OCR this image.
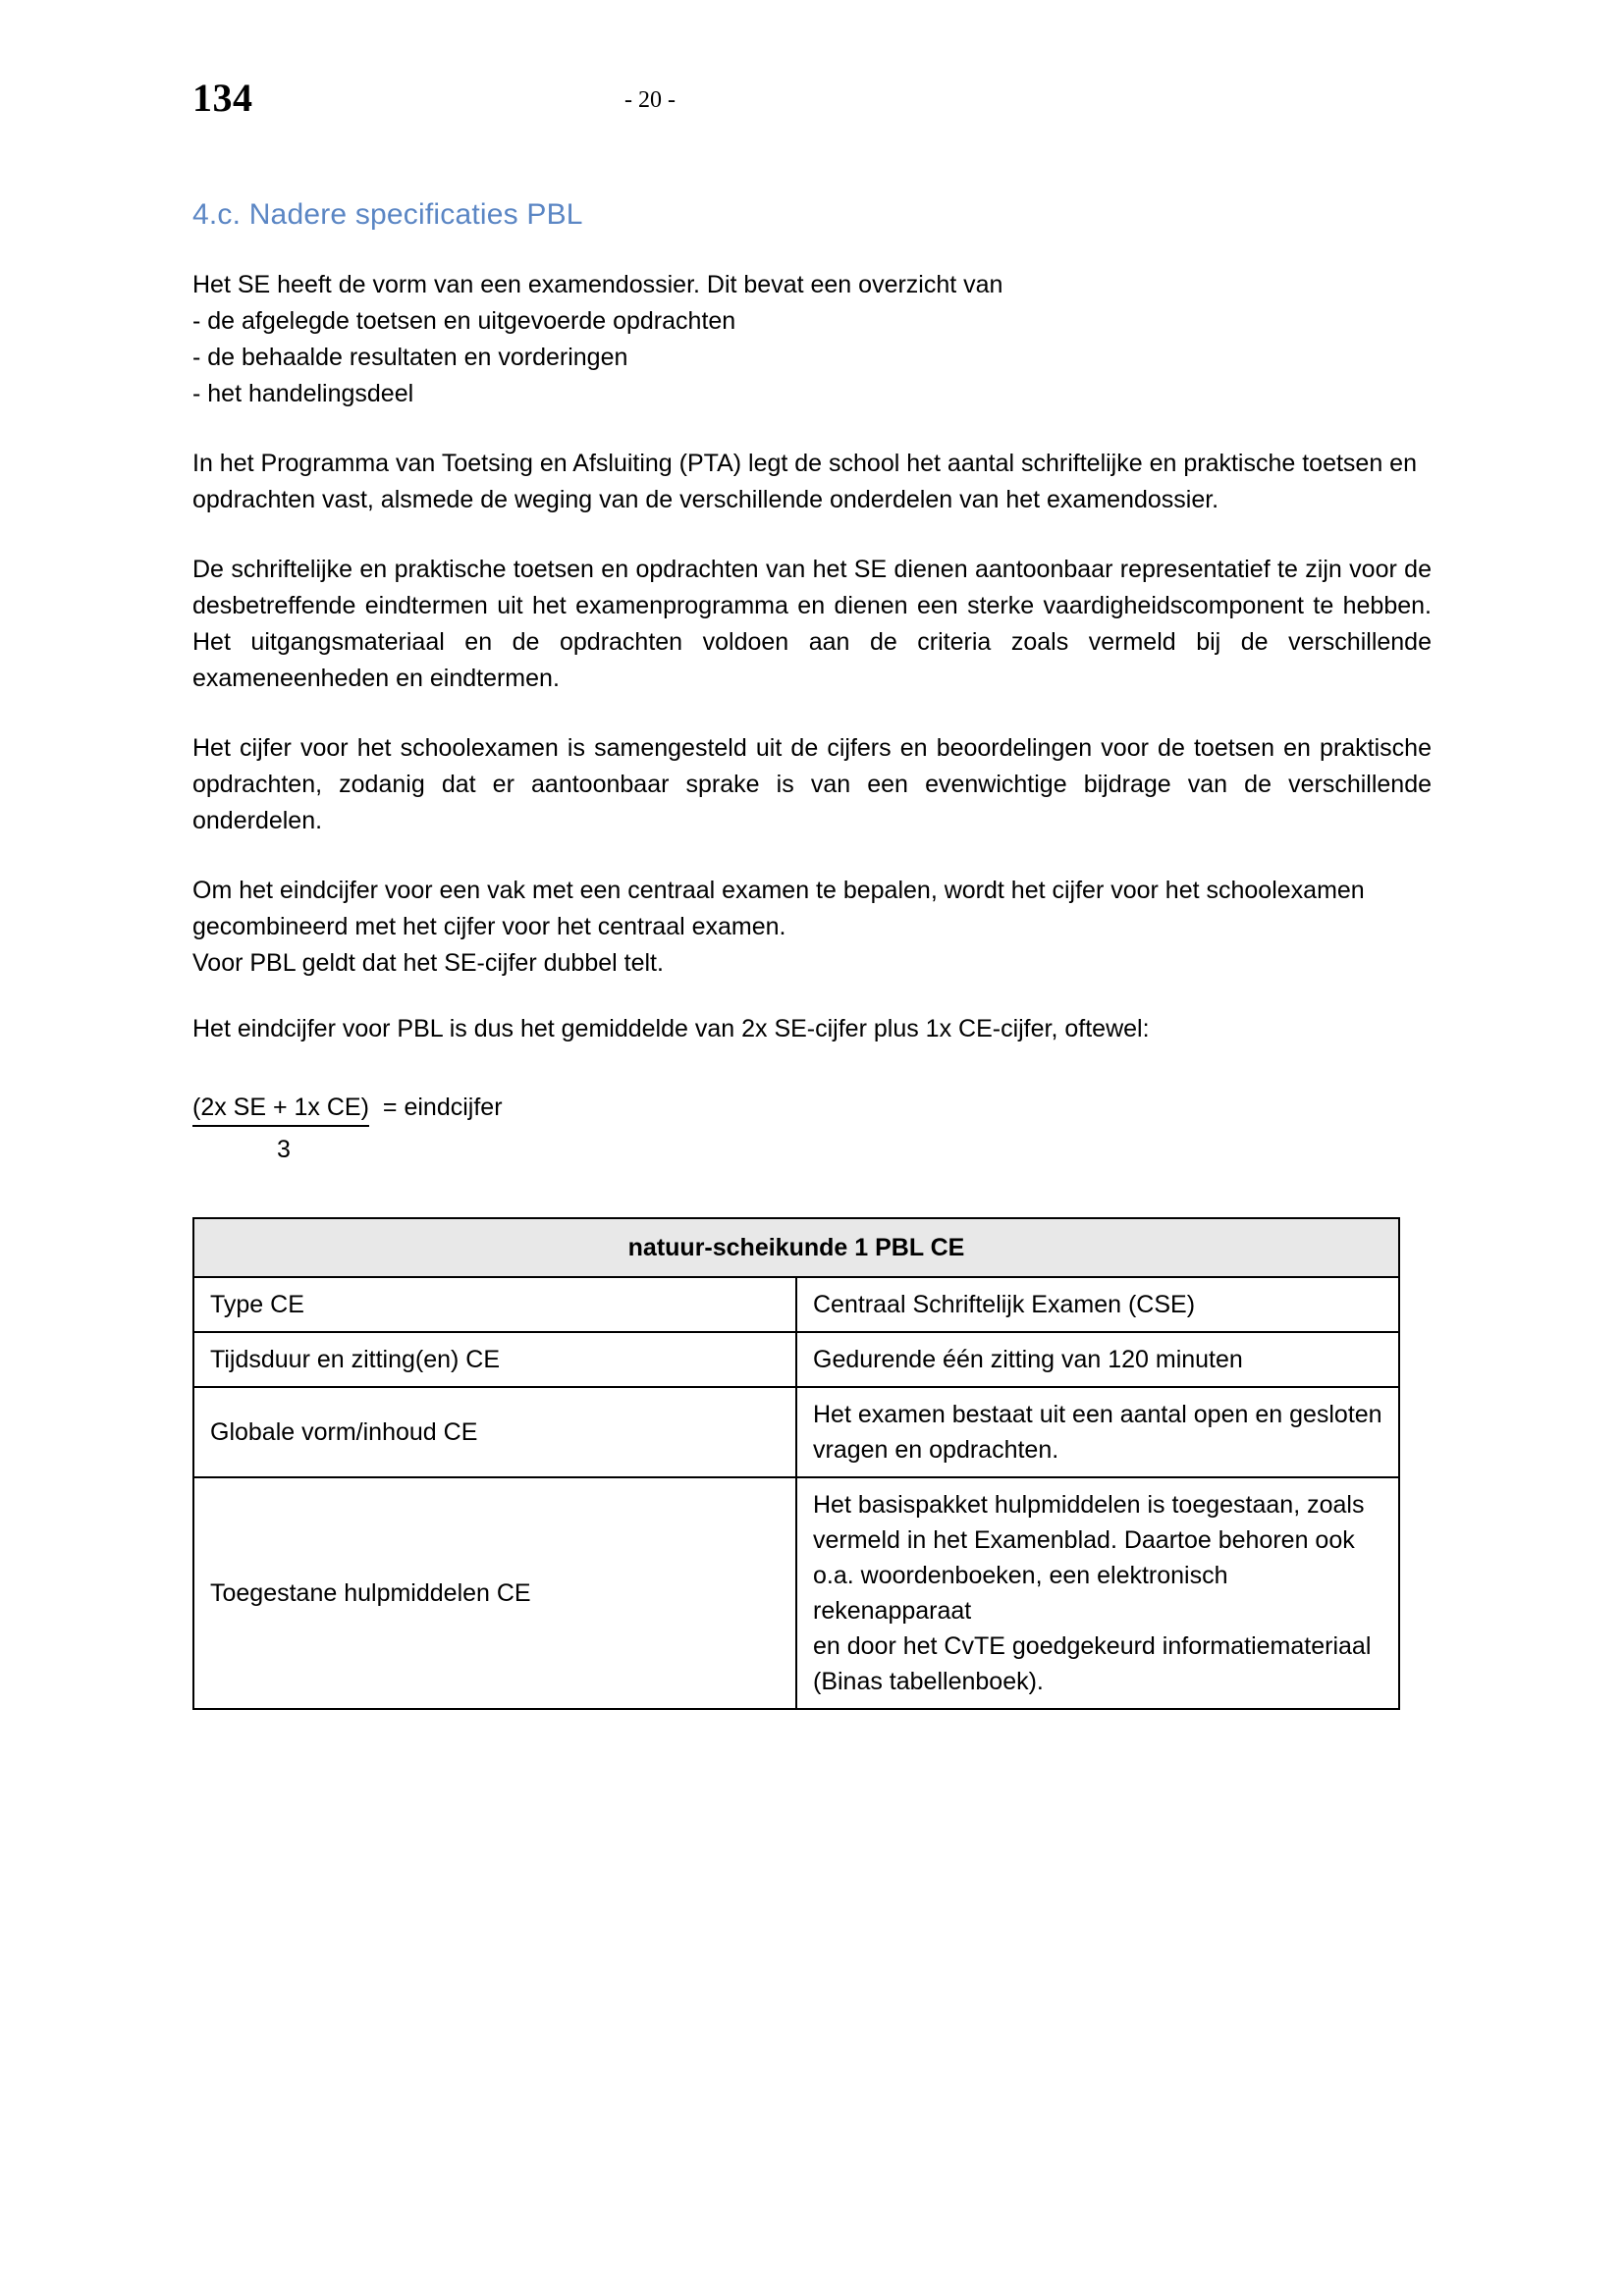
134	- 20 -
4.c. Nadere specificaties PBL

Het SE heeft de vorm van een examendossier. Dit bevat een overzicht van
- de afgelegde toetsen en uitgevoerde opdrachten
- de behaalde resultaten en vorderingen
- het handelingsdeel

In het Programma van Toetsing en Afsluiting (PTA) legt de school het aantal schriftelijke en praktische toetsen en opdrachten vast, alsmede de weging van de verschillende onderdelen van het examendossier.

De schriftelijke en praktische toetsen en opdrachten van het SE dienen aantoonbaar representatief te zijn voor de desbetreffende eindtermen uit het examenprogramma en dienen een sterke vaardigheidscomponent te hebben. Het uitgangsmateriaal en de opdrachten voldoen aan de criteria zoals vermeld bij de verschillende exameneenheden en eindtermen.

Het cijfer voor het schoolexamen is samengesteld uit de cijfers en beoordelingen voor de toetsen en praktische opdrachten, zodanig dat er aantoonbaar sprake is van een evenwichtige bijdrage van de verschillende onderdelen.

Om het eindcijfer voor een vak met een centraal examen te bepalen, wordt het cijfer voor het schoolexamen gecombineerd met het cijfer voor het centraal examen.
Voor PBL geldt dat het SE-cijfer dubbel telt.

Het eindcijfer voor PBL is dus het gemiddelde van 2x SE-cijfer plus 1x CE-cijfer, oftewel:

(2x SE + 1x CE) = eindcijfer
3
natuur-scheikunde 1 PBL CE	
Type CE	Centraal Schriftelijk Examen (CSE)
Tijdsduur en zitting(en) CE	Gedurende één zitting van 120 minuten
Globale vorm/inhoud CE	Het examen bestaat uit een aantal open en gesloten
vragen en opdrachten.

Toegestane hulpmiddelen CE	Het basispakket hulpmiddelen is toegestaan, zoals
vermeld in het Examenblad. Daartoe behoren ook
o.a. woordenboeken, een elektronisch rekenapparaat
en door het CvTE goedgekeurd informatiemateriaal
(Binas tabellenboek).
